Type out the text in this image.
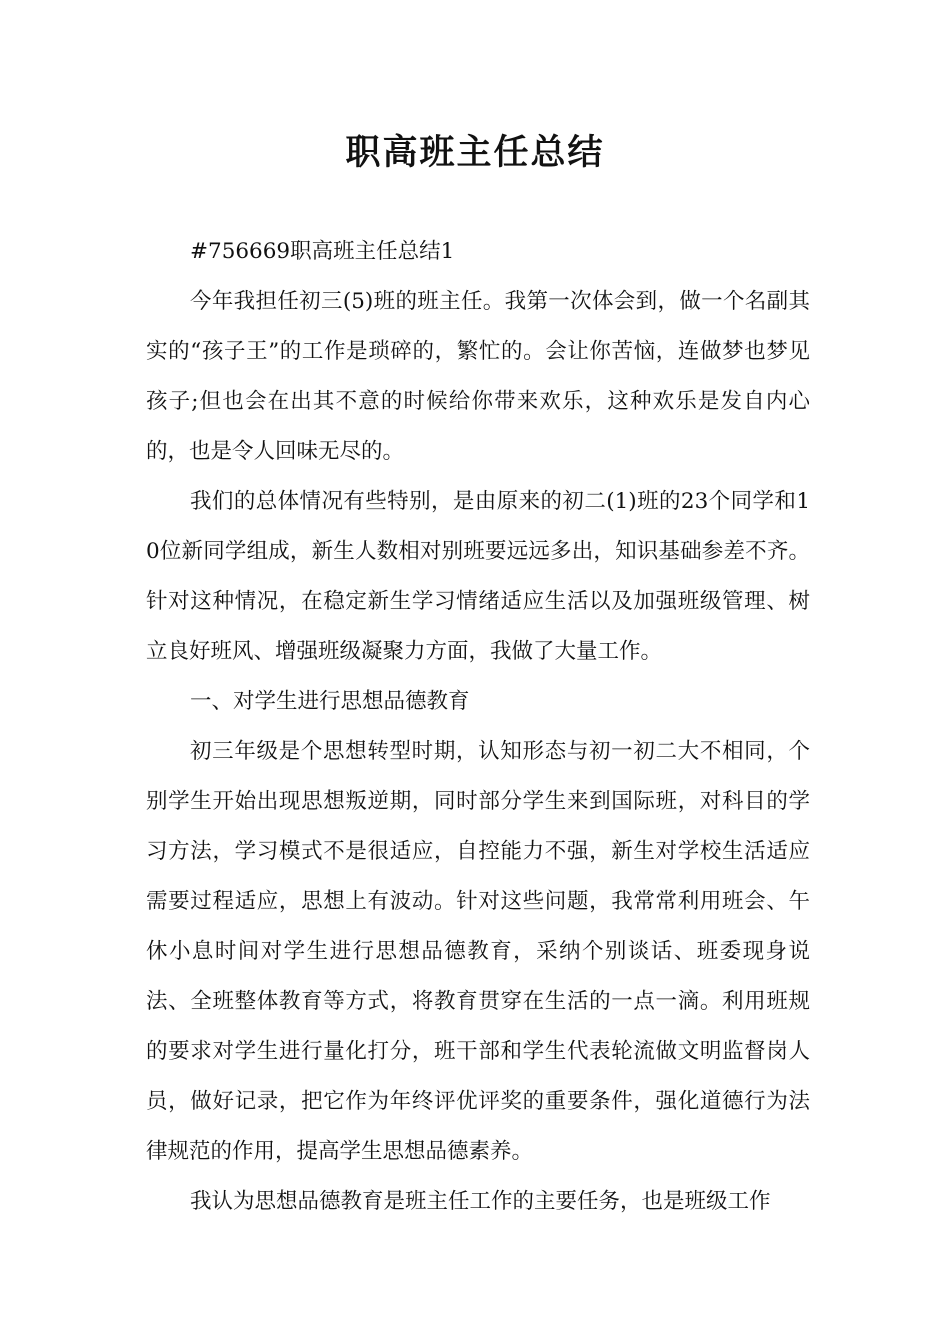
职高班主任总结

#756669职高班主任总结1

今年我担任初三(5)班的班主任。我第一次体会到，做一个名副其实的“孩子王”的工作是琐碎的，繁忙的。会让你苦恼，连做梦也梦见孩子;但也会在出其不意的时候给你带来欢乐，这种欢乐是发自内心的，也是令人回味无尽的。

我们的总体情况有些特别，是由原来的初二(1)班的23个同学和10位新同学组成，新生人数相对别班要远远多出，知识基础参差不齐。针对这种情况，在稳定新生学习情绪适应生活以及加强班级管理、树立良好班风、增强班级凝聚力方面，我做了大量工作。

一、对学生进行思想品德教育

初三年级是个思想转型时期，认知形态与初一初二大不相同，个别学生开始出现思想叛逆期，同时部分学生来到国际班，对科目的学习方法，学习模式不是很适应，自控能力不强，新生对学校生活适应需要过程适应，思想上有波动。针对这些问题，我常常利用班会、午休小息时间对学生进行思想品德教育，采纳个别谈话、班委现身说法、全班整体教育等方式，将教育贯穿在生活的一点一滴。利用班规的要求对学生进行量化打分，班干部和学生代表轮流做文明监督岗人员，做好记录，把它作为年终评优评奖的重要条件，强化道德行为法律规范的作用，提高学生思想品德素养。

我认为思想品德教育是班主任工作的主要任务，也是班级工作
